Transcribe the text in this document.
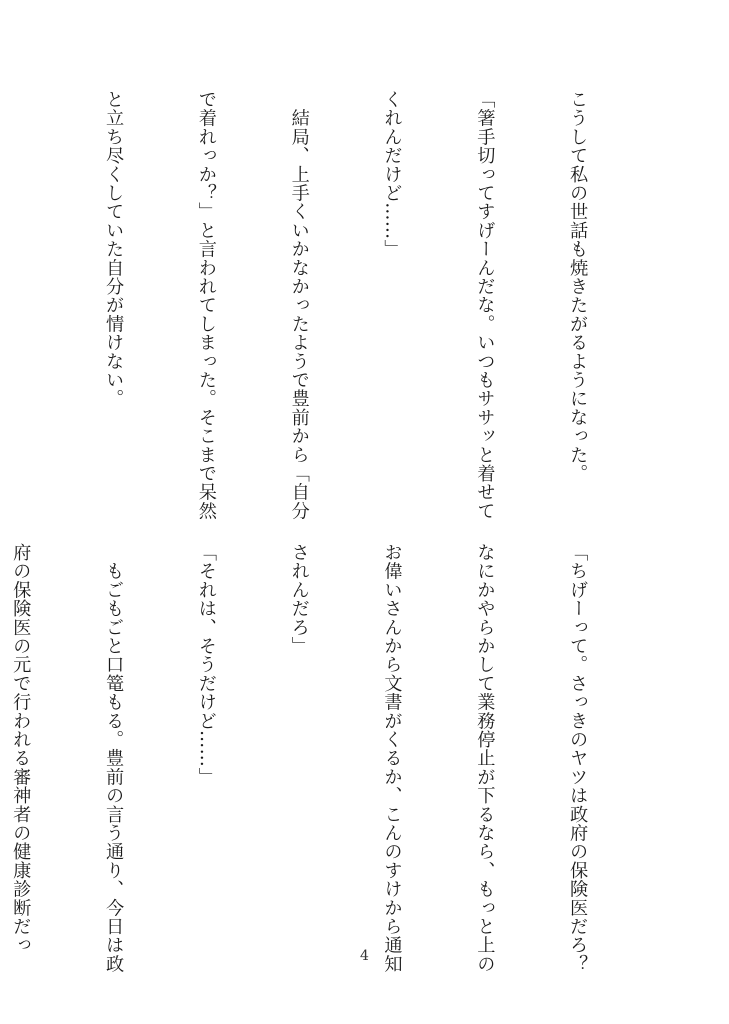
こうして私の世話も焼きたがるようになった。

「箸手切ってすげーんだな。いつもササッと着せて

くれんだけど……」

　結局、上手くいかなかったようで豊前から「自分

で着れっか？」と言われてしまった。そこまで呆然

と立ち尽くしていた自分が情けない。

「ちげーって。さっきのヤツは政府の保険医だろ？

なにかやらかして業務停止が下るなら、もっと上の

お偉いさんから文書がくるか、こんのすけから通知

されんだろ」

「それは、そうだけど……」

　もごもごと口篭もる。豊前の言う通り、今日は政

府の保険医の元で行われる審神者の健康診断だっ

4
